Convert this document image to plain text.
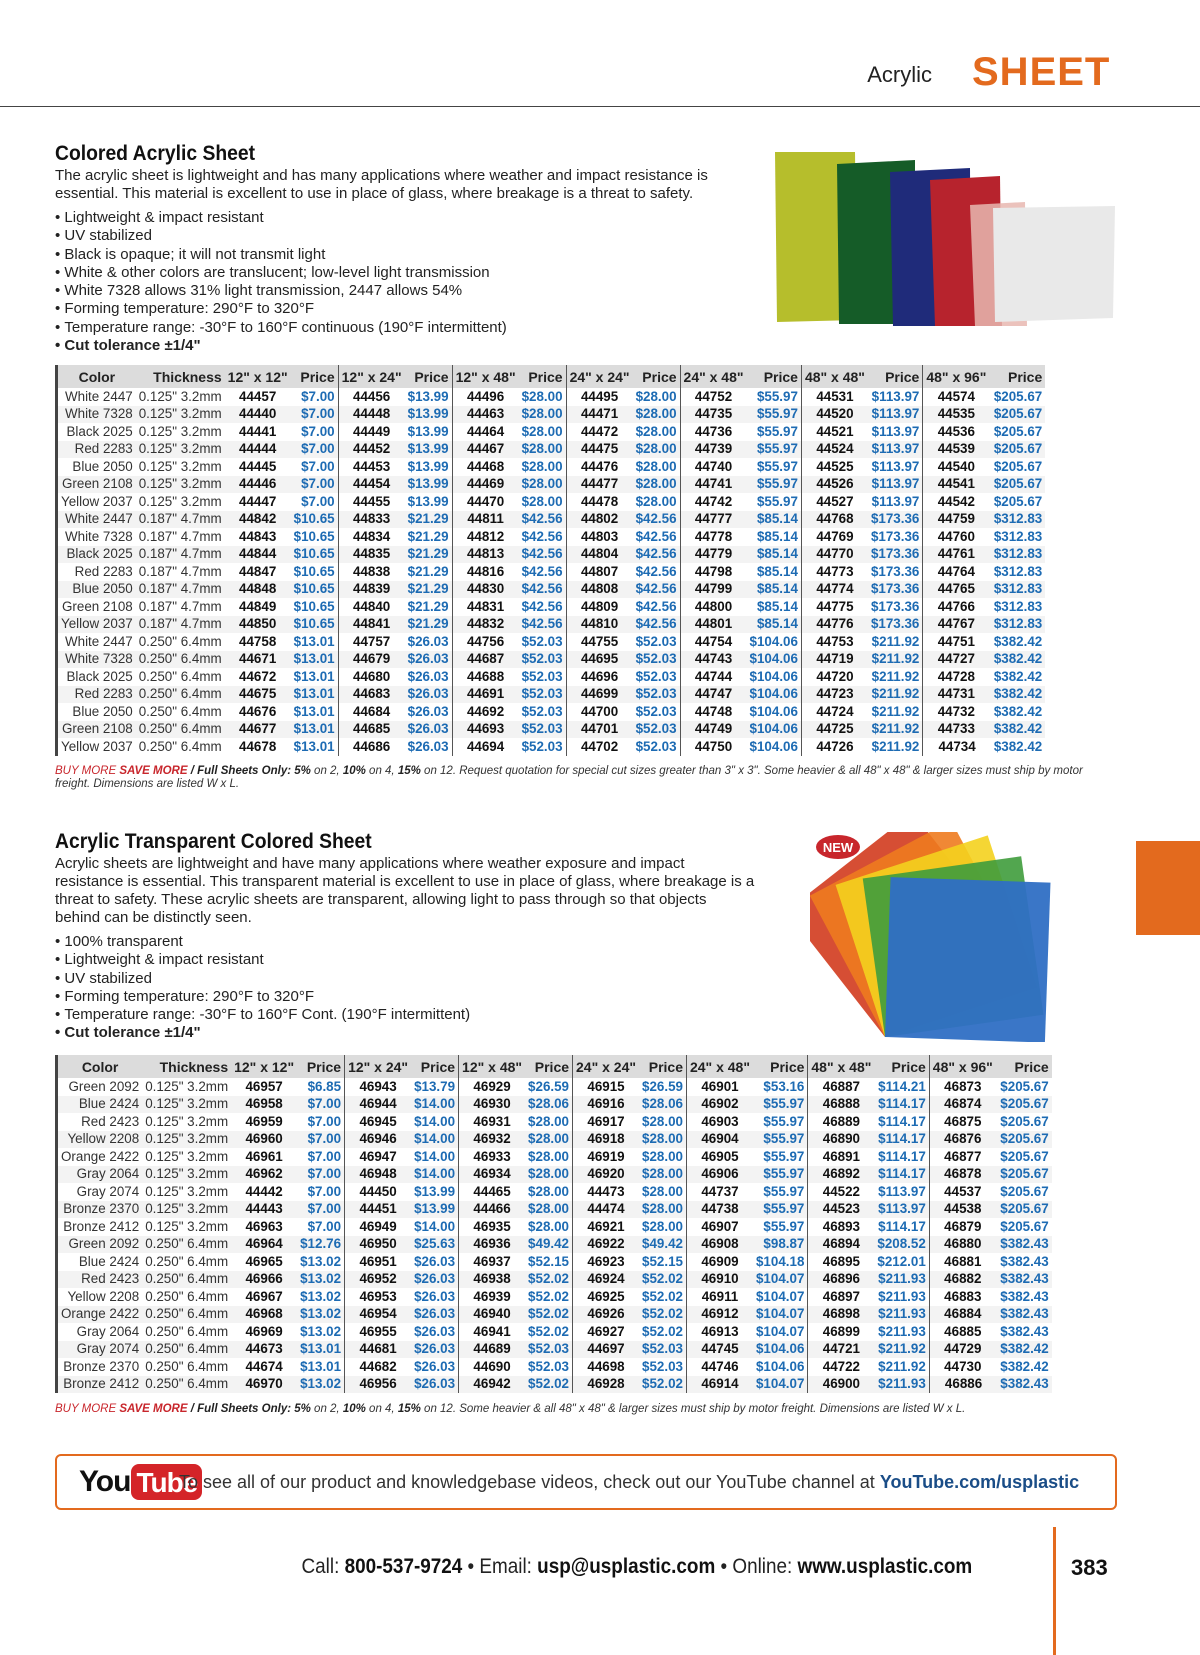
Acrylic SHEET
Colored Acrylic Sheet
The acrylic sheet is lightweight and has many applications where weather and impact resistance is essential. This material is excellent to use in place of glass, where breakage is a threat to safety.
• Lightweight & impact resistant
• UV stabilized
• Black is opaque; it will not transmit light
• White & other colors are translucent; low-level light transmission
• White 7328 allows 31% light transmission, 2447 allows 54%
• Forming temperature: 290°F to 320°F
• Temperature range: -30°F to 160°F continuous (190°F intermittent)
• Cut tolerance ±1/4"
Color	Thickness	12" x 12"	Price	12" x 24"	Price	12" x 48"	Price	24" x 24"	Price	24" x 48"	Price	48" x 48"	Price	48" x 96"	Price
White 2447	0.125" 3.2mm	44457	$7.00	44456	$13.99	44496	$28.00	44495	$28.00	44752	$55.97	44531	$113.97	44574	$205.67
White 7328	0.125" 3.2mm	44440	$7.00	44448	$13.99	44463	$28.00	44471	$28.00	44735	$55.97	44520	$113.97	44535	$205.67
Black 2025	0.125" 3.2mm	44441	$7.00	44449	$13.99	44464	$28.00	44472	$28.00	44736	$55.97	44521	$113.97	44536	$205.67
Red 2283	0.125" 3.2mm	44444	$7.00	44452	$13.99	44467	$28.00	44475	$28.00	44739	$55.97	44524	$113.97	44539	$205.67
Blue 2050	0.125" 3.2mm	44445	$7.00	44453	$13.99	44468	$28.00	44476	$28.00	44740	$55.97	44525	$113.97	44540	$205.67
Green 2108	0.125" 3.2mm	44446	$7.00	44454	$13.99	44469	$28.00	44477	$28.00	44741	$55.97	44526	$113.97	44541	$205.67
Yellow 2037	0.125" 3.2mm	44447	$7.00	44455	$13.99	44470	$28.00	44478	$28.00	44742	$55.97	44527	$113.97	44542	$205.67
White 2447	0.187" 4.7mm	44842	$10.65	44833	$21.29	44811	$42.56	44802	$42.56	44777	$85.14	44768	$173.36	44759	$312.83
White 7328	0.187" 4.7mm	44843	$10.65	44834	$21.29	44812	$42.56	44803	$42.56	44778	$85.14	44769	$173.36	44760	$312.83
Black 2025	0.187" 4.7mm	44844	$10.65	44835	$21.29	44813	$42.56	44804	$42.56	44779	$85.14	44770	$173.36	44761	$312.83
Red 2283	0.187" 4.7mm	44847	$10.65	44838	$21.29	44816	$42.56	44807	$42.56	44798	$85.14	44773	$173.36	44764	$312.83
Blue 2050	0.187" 4.7mm	44848	$10.65	44839	$21.29	44830	$42.56	44808	$42.56	44799	$85.14	44774	$173.36	44765	$312.83
Green 2108	0.187" 4.7mm	44849	$10.65	44840	$21.29	44831	$42.56	44809	$42.56	44800	$85.14	44775	$173.36	44766	$312.83
Yellow 2037	0.187" 4.7mm	44850	$10.65	44841	$21.29	44832	$42.56	44810	$42.56	44801	$85.14	44776	$173.36	44767	$312.83
White 2447	0.250" 6.4mm	44758	$13.01	44757	$26.03	44756	$52.03	44755	$52.03	44754	$104.06	44753	$211.92	44751	$382.42
White 7328	0.250" 6.4mm	44671	$13.01	44679	$26.03	44687	$52.03	44695	$52.03	44743	$104.06	44719	$211.92	44727	$382.42
Black 2025	0.250" 6.4mm	44672	$13.01	44680	$26.03	44688	$52.03	44696	$52.03	44744	$104.06	44720	$211.92	44728	$382.42
Red 2283	0.250" 6.4mm	44675	$13.01	44683	$26.03	44691	$52.03	44699	$52.03	44747	$104.06	44723	$211.92	44731	$382.42
Blue 2050	0.250" 6.4mm	44676	$13.01	44684	$26.03	44692	$52.03	44700	$52.03	44748	$104.06	44724	$211.92	44732	$382.42
Green 2108	0.250" 6.4mm	44677	$13.01	44685	$26.03	44693	$52.03	44701	$52.03	44749	$104.06	44725	$211.92	44733	$382.42
Yellow 2037	0.250" 6.4mm	44678	$13.01	44686	$26.03	44694	$52.03	44702	$52.03	44750	$104.06	44726	$211.92	44734	$382.42
BUY MORE SAVE MORE / Full Sheets Only: 5% on 2, 10% on 4, 15% on 12. Request quotation for special cut sizes greater than 3" x 3". Some heavier & all 48" x 48" & larger sizes must ship by motor freight. Dimensions are listed W x L.
Acrylic Transparent Colored Sheet
Acrylic sheets are lightweight and have many applications where weather exposure and impact resistance is essential. This transparent material is excellent to use in place of glass, where breakage is a threat to safety. These acrylic sheets are transparent, allowing light to pass through so that objects behind can be distinctly seen.
• 100% transparent
• Lightweight & impact resistant
• UV stabilized
• Forming temperature: 290°F to 320°F
• Temperature range: -30°F to 160°F Cont. (190°F intermittent)
• Cut tolerance ±1/4"
NEW
Color	Thickness	12" x 12"	Price	12" x 24"	Price	12" x 48"	Price	24" x 24"	Price	24" x 48"	Price	48" x 48"	Price	48" x 96"	Price
Green 2092	0.125" 3.2mm	46957	$6.85	46943	$13.79	46929	$26.59	46915	$26.59	46901	$53.16	46887	$114.21	46873	$205.67
Blue 2424	0.125" 3.2mm	46958	$7.00	46944	$14.00	46930	$28.06	46916	$28.06	46902	$55.97	46888	$114.17	46874	$205.67
Red 2423	0.125" 3.2mm	46959	$7.00	46945	$14.00	46931	$28.00	46917	$28.00	46903	$55.97	46889	$114.17	46875	$205.67
Yellow 2208	0.125" 3.2mm	46960	$7.00	46946	$14.00	46932	$28.00	46918	$28.00	46904	$55.97	46890	$114.17	46876	$205.67
Orange 2422	0.125" 3.2mm	46961	$7.00	46947	$14.00	46933	$28.00	46919	$28.00	46905	$55.97	46891	$114.17	46877	$205.67
Gray 2064	0.125" 3.2mm	46962	$7.00	46948	$14.00	46934	$28.00	46920	$28.00	46906	$55.97	46892	$114.17	46878	$205.67
Gray 2074	0.125" 3.2mm	44442	$7.00	44450	$13.99	44465	$28.00	44473	$28.00	44737	$55.97	44522	$113.97	44537	$205.67
Bronze 2370	0.125" 3.2mm	44443	$7.00	44451	$13.99	44466	$28.00	44474	$28.00	44738	$55.97	44523	$113.97	44538	$205.67
Bronze 2412	0.125" 3.2mm	46963	$7.00	46949	$14.00	46935	$28.00	46921	$28.00	46907	$55.97	46893	$114.17	46879	$205.67
Green 2092	0.250" 6.4mm	46964	$12.76	46950	$25.63	46936	$49.42	46922	$49.42	46908	$98.87	46894	$208.52	46880	$382.43
Blue 2424	0.250" 6.4mm	46965	$13.02	46951	$26.03	46937	$52.15	46923	$52.15	46909	$104.18	46895	$212.01	46881	$382.43
Red 2423	0.250" 6.4mm	46966	$13.02	46952	$26.03	46938	$52.02	46924	$52.02	46910	$104.07	46896	$211.93	46882	$382.43
Yellow 2208	0.250" 6.4mm	46967	$13.02	46953	$26.03	46939	$52.02	46925	$52.02	46911	$104.07	46897	$211.93	46883	$382.43
Orange 2422	0.250" 6.4mm	46968	$13.02	46954	$26.03	46940	$52.02	46926	$52.02	46912	$104.07	46898	$211.93	46884	$382.43
Gray 2064	0.250" 6.4mm	46969	$13.02	46955	$26.03	46941	$52.02	46927	$52.02	46913	$104.07	46899	$211.93	46885	$382.43
Gray 2074	0.250" 6.4mm	44673	$13.01	44681	$26.03	44689	$52.03	44697	$52.03	44745	$104.06	44721	$211.92	44729	$382.42
Bronze 2370	0.250" 6.4mm	44674	$13.01	44682	$26.03	44690	$52.03	44698	$52.03	44746	$104.06	44722	$211.92	44730	$382.42
Bronze 2412	0.250" 6.4mm	46970	$13.02	46956	$26.03	46942	$52.02	46928	$52.02	46914	$104.07	46900	$211.93	46886	$382.43
BUY MORE SAVE MORE / Full Sheets Only: 5% on 2, 10% on 4, 15% on 12. Some heavier & all 48" x 48" & larger sizes must ship by motor freight. Dimensions are listed W x L.
You Tube
To see all of our product and knowledgebase videos, check out our YouTube channel at YouTube.com/usplastic
Call: 800-537-9724 • Email: usp@usplastic.com • Online: www.usplastic.com	383
